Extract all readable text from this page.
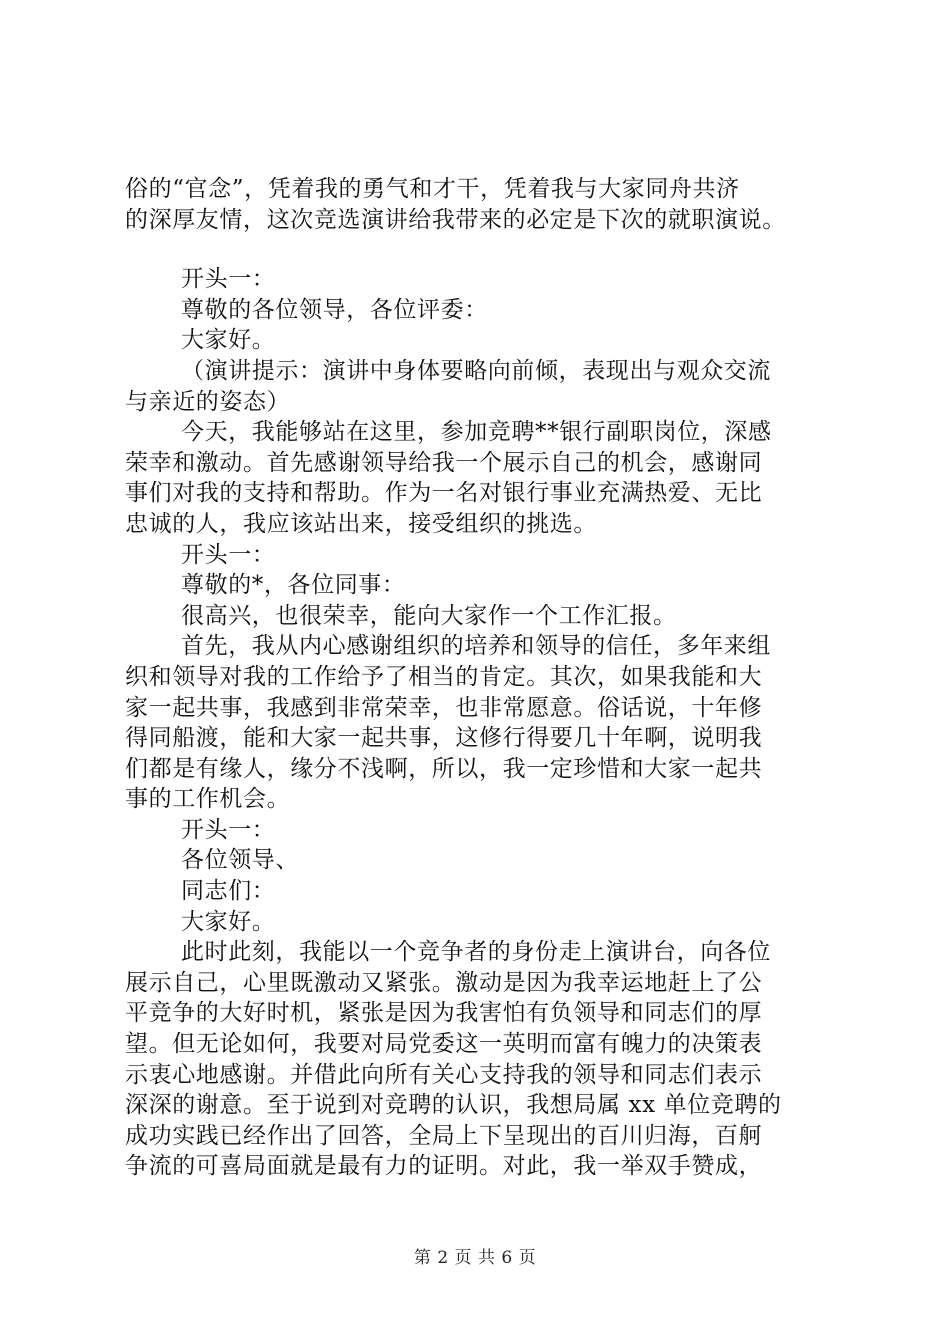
俗的“官念”，凭着我的勇气和才干，凭着我与大家同舟共济
的深厚友情，这次竞选演讲给我带来的必定是下次的就职演说。
开头一：
尊敬的各位领导，各位评委：
大家好。
（演讲提示：演讲中身体要略向前倾，表现出与观众交流
与亲近的姿态）
今天，我能够站在这里，参加竞聘**银行副职岗位，深感
荣幸和激动。首先感谢领导给我一个展示自己的机会，感谢同
事们对我的支持和帮助。作为一名对银行事业充满热爱、无比
忠诚的人，我应该站出来，接受组织的挑选。
开头一：
尊敬的*，各位同事：
很高兴，也很荣幸，能向大家作一个工作汇报。
首先，我从内心感谢组织的培养和领导的信任，多年来组
织和领导对我的工作给予了相当的肯定。其次，如果我能和大
家一起共事，我感到非常荣幸，也非常愿意。俗话说，十年修
得同船渡，能和大家一起共事，这修行得要几十年啊，说明我
们都是有缘人，缘分不浅啊，所以，我一定珍惜和大家一起共
事的工作机会。
开头一：
各位领导、
同志们：
大家好。
此时此刻，我能以一个竞争者的身份走上演讲台，向各位
展示自己，心里既激动又紧张。激动是因为我幸运地赶上了公
平竞争的大好时机，紧张是因为我害怕有负领导和同志们的厚
望。但无论如何，我要对局党委这一英明而富有魄力的决策表
示衷心地感谢。并借此向所有关心支持我的领导和同志们表示
深深的谢意。至于说到对竞聘的认识，我想局属 xx 单位竞聘的
成功实践已经作出了回答，全局上下呈现出的百川归海，百舸
争流的可喜局面就是最有力的证明。对此，我一举双手赞成，
第 2 页 共 6 页
